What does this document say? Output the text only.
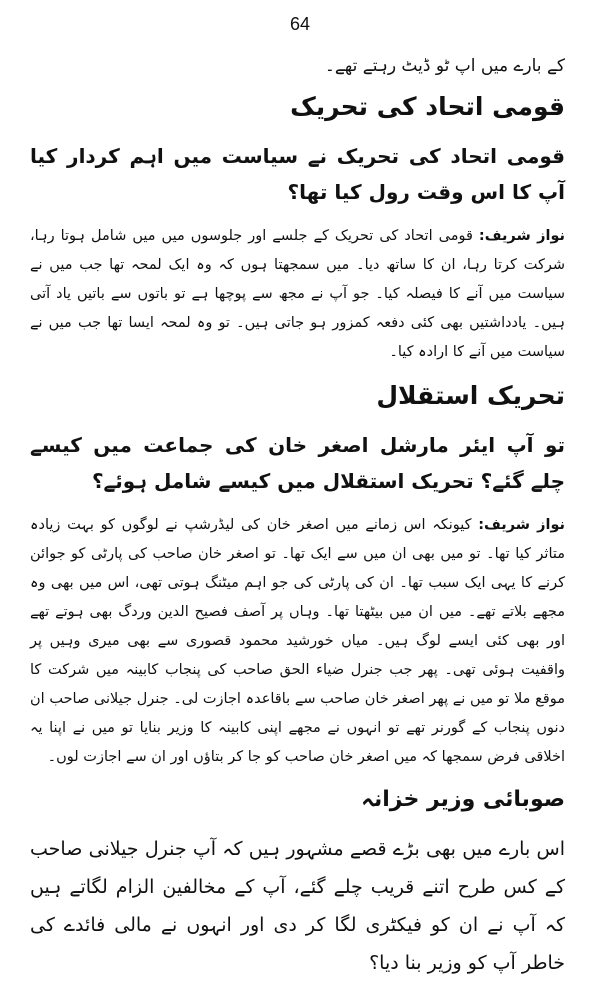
64

کے بارے میں اپ ٹو ڈیٹ رہتے تھے۔

قومی اتحاد کی تحریک

قومی اتحاد کی تحریک نے سیاست میں اہم کردار کیا آپ کا اس وقت رول کیا تھا؟

نواز شریف: قومی اتحاد کی تحریک کے جلسے اور جلوسوں میں میں شامل ہوتا رہا، شرکت کرتا رہا، ان کا ساتھ دیا۔ میں سمجھتا ہوں کہ وہ ایک لمحہ تھا جب میں نے سیاست میں آنے کا فیصلہ کیا۔ جو آپ نے مجھ سے پوچھا ہے تو باتوں سے باتیں یاد آتی ہیں۔ یادداشتیں بھی کئی دفعہ کمزور ہو جاتی ہیں۔ تو وہ لمحہ ایسا تھا جب میں نے سیاست میں آنے کا ارادہ کیا۔

تحریک استقلال

تو آپ ایئر مارشل اصغر خان کی جماعت میں کیسے چلے گئے؟ تحریک استقلال میں کیسے شامل ہوئے؟

نواز شریف: کیونکہ اس زمانے میں اصغر خان کی لیڈرشپ نے لوگوں کو بہت زیادہ متاثر کیا تھا۔ تو میں بھی ان میں سے ایک تھا۔ تو اصغر خان صاحب کی پارٹی کو جوائن کرنے کا یہی ایک سبب تھا۔ ان کی پارٹی کی جو اہم میٹنگ ہوتی تھی، اس میں بھی وہ مجھے بلاتے تھے۔ میں ان میں بیٹھتا تھا۔ وہاں پر آصف فصیح الدین وردگ بھی ہوتے تھے اور بھی کئی ایسے لوگ ہیں۔ میاں خورشید محمود قصوری سے بھی میری وہیں پر واقفیت ہوئی تھی۔ پھر جب جنرل ضیاء الحق صاحب کی پنجاب کابینہ میں شرکت کا موقع ملا تو میں نے پھر اصغر خان صاحب سے باقاعدہ اجازت لی۔ جنرل جیلانی صاحب ان دنوں پنجاب کے گورنر تھے تو انہوں نے مجھے اپنی کابینہ کا وزیر بنایا تو میں نے اپنا یہ اخلاقی فرض سمجھا کہ میں اصغر خان صاحب کو جا کر بتاؤں اور ان سے اجازت لوں۔

صوبائی وزیر خزانہ

اس بارے میں بھی بڑے قصے مشہور ہیں کہ آپ جنرل جیلانی صاحب کے کس طرح اتنے قریب چلے گئے، آپ کے مخالفین الزام لگاتے ہیں کہ آپ نے ان کو فیکٹری لگا کر دی اور انہوں نے مالی فائدے کی خاطر آپ کو وزیر بنا دیا؟
